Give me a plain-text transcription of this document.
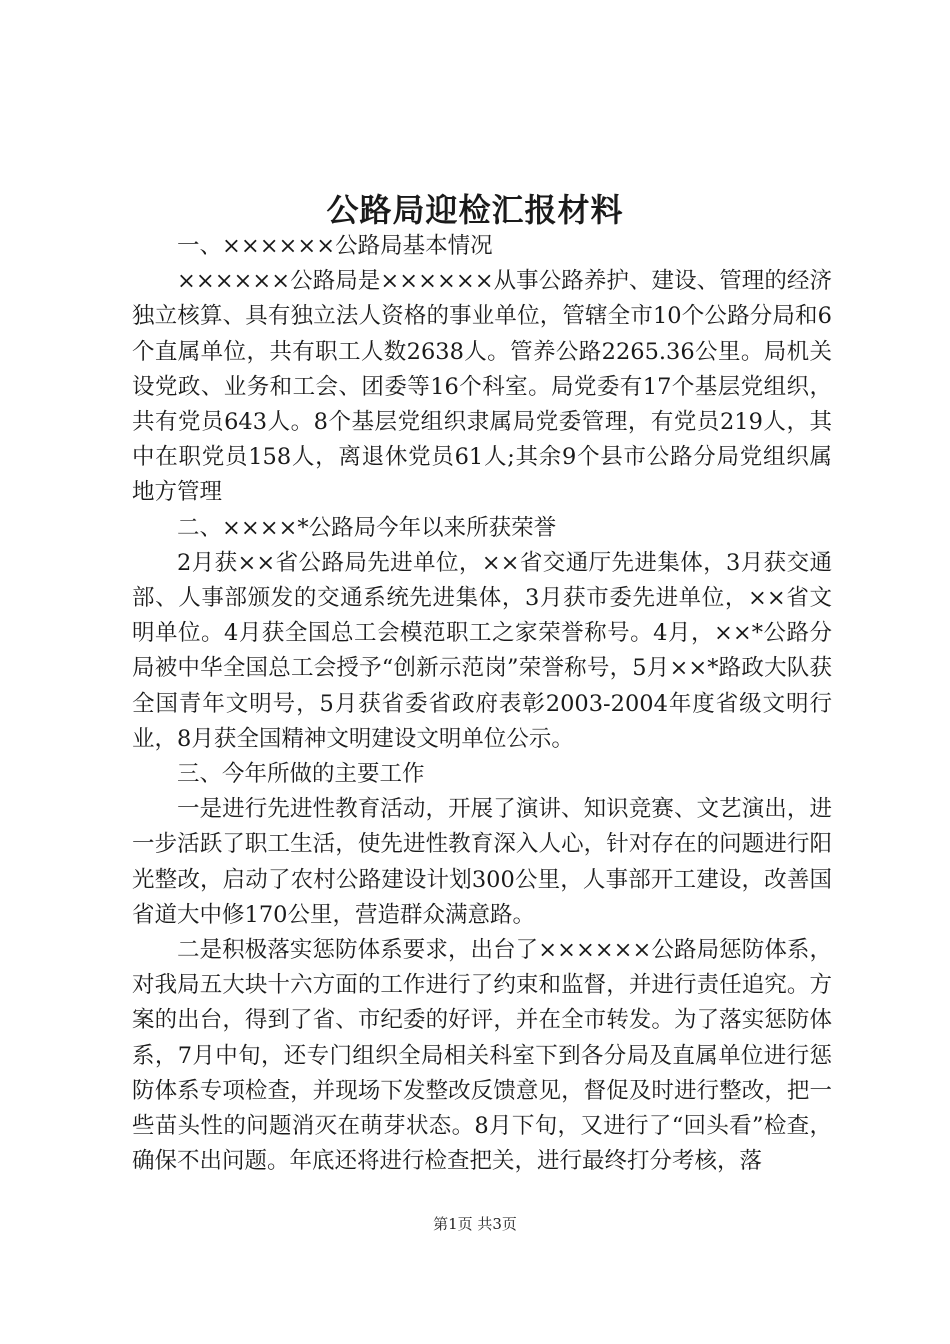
公路局迎检汇报材料

一、××××××公路局基本情况

××××××公路局是××××××从事公路养护、建设、管理的经济独立核算、具有独立法人资格的事业单位，管辖全市10个公路分局和6个直属单位，共有职工人数2638人。管养公路2265.36公里。局机关设党政、业务和工会、团委等16个科室。局党委有17个基层党组织，共有党员643人。8个基层党组织隶属局党委管理，有党员219人，其中在职党员158人，离退休党员61人;其余9个县市公路分局党组织属地方管理

二、××××*公路局今年以来所获荣誉

2月获××省公路局先进单位，××省交通厅先进集体，3月获交通部、人事部颁发的交通系统先进集体，3月获市委先进单位，××省文明单位。4月获全国总工会模范职工之家荣誉称号。4月，××*公路分局被中华全国总工会授予“创新示范岗”荣誉称号，5月××*路政大队获全国青年文明号，5月获省委省政府表彰2003-2004年度省级文明行业，8月获全国精神文明建设文明单位公示。

三、今年所做的主要工作

一是进行先进性教育活动，开展了演讲、知识竞赛、文艺演出，进一步活跃了职工生活，使先进性教育深入人心，针对存在的问题进行阳光整改，启动了农村公路建设计划300公里，人事部开工建设，改善国省道大中修170公里，营造群众满意路。

二是积极落实惩防体系要求，出台了××××××公路局惩防体系，对我局五大块十六方面的工作进行了约束和监督，并进行责任追究。方案的出台，得到了省、市纪委的好评，并在全市转发。为了落实惩防体系，7月中旬，还专门组织全局相关科室下到各分局及直属单位进行惩防体系专项检查，并现场下发整改反馈意见，督促及时进行整改，把一些苗头性的问题消灭在萌芽状态。8月下旬，又进行了“回头看”检查，确保不出问题。年底还将进行检查把关，进行最终打分考核，落

第1页 共3页
